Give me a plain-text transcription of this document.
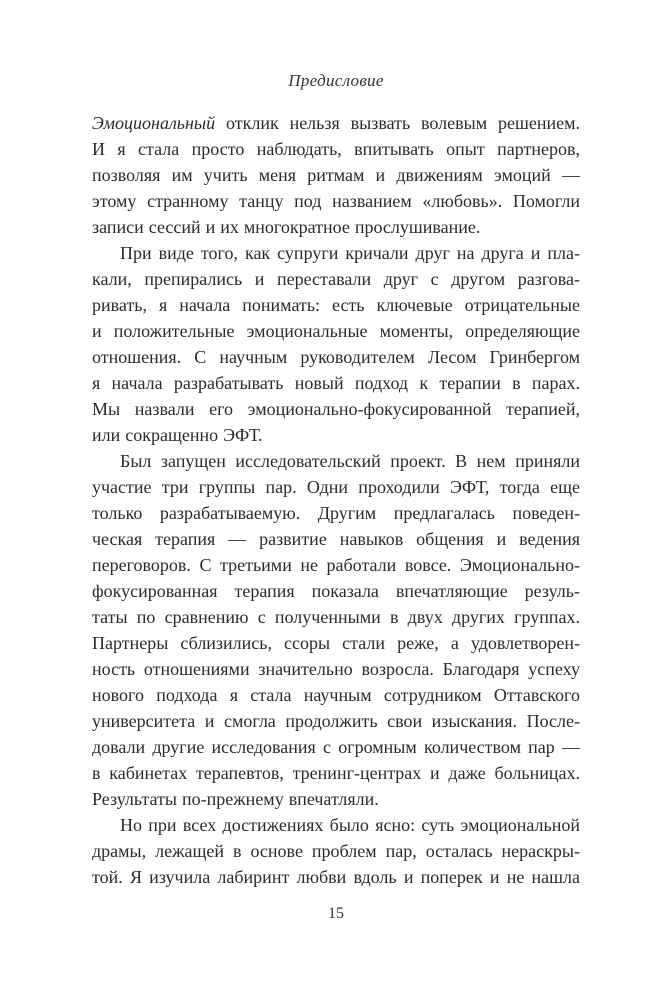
Предисловие
Эмоциональный отклик нельзя вызвать волевым решением.
И я стала просто наблюдать, впитывать опыт партнеров,
позволяя им учить меня ритмам и движениям эмоций —
этому странному танцу под названием «любовь». Помогли
записи сессий и их многократное прослушивание.
При виде того, как супруги кричали друг на друга и пла-
кали, препирались и переставали друг с другом разгова-
ривать, я начала понимать: есть ключевые отрицательные
и положительные эмоциональные моменты, определяющие
отношения. С научным руководителем Лесом Гринбергом
я начала разрабатывать новый подход к терапии в парах.
Мы назвали его эмоционально-фокусированной терапией,
или сокращенно ЭФТ.
Был запущен исследовательский проект. В нем приняли
участие три группы пар. Одни проходили ЭФТ, тогда еще
только разрабатываемую. Другим предлагалась поведен-
ческая терапия — развитие навыков общения и ведения
переговоров. С третьими не работали вовсе. Эмоционально-
фокусированная терапия показала впечатляющие резуль-
таты по сравнению с полученными в двух других группах.
Партнеры сблизились, ссоры стали реже, а удовлетворен-
ность отношениями значительно возросла. Благодаря успеху
нового подхода я стала научным сотрудником Оттавского
университета и смогла продолжить свои изыскания. После-
довали другие исследования с огромным количеством пар —
в кабинетах терапевтов, тренинг-центрах и даже больницах.
Результаты по-прежнему впечатляли.
Но при всех достижениях было ясно: суть эмоциональной
драмы, лежащей в основе проблем пар, осталась нераскры-
той. Я изучила лабиринт любви вдоль и поперек и не нашла
15
